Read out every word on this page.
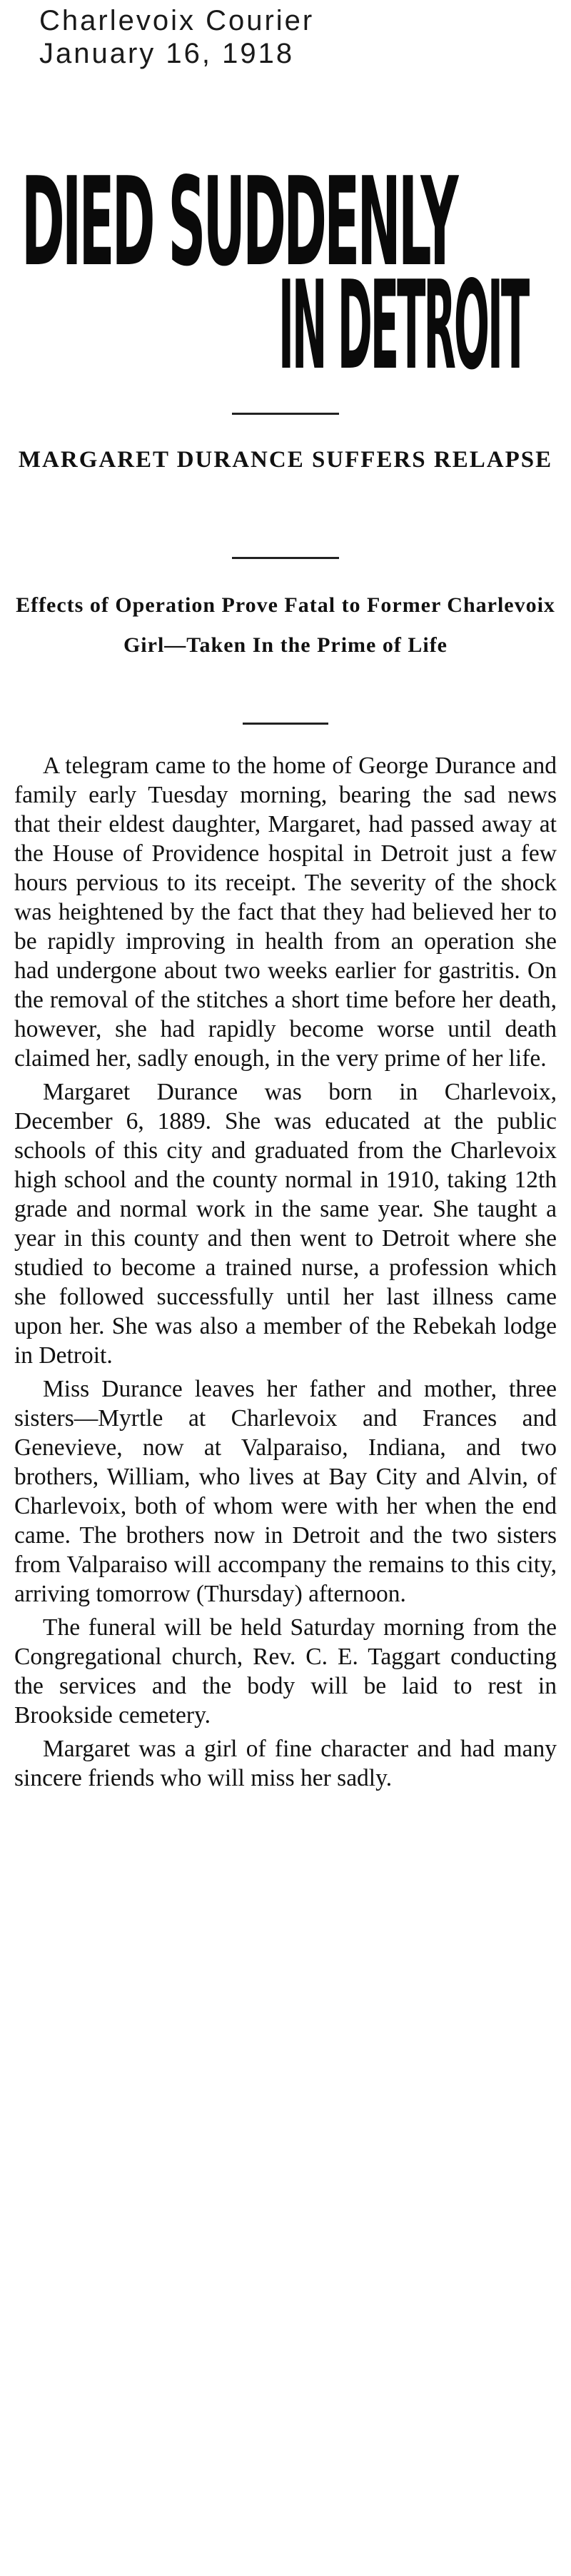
Charlevoix Courier
January 16, 1918
DIED SUDDENLY
IN DETROIT
MARGARET DURANCE SUFFERS RELAPSE
Effects of Operation Prove Fatal to Former Charlevoix Girl—Taken In the Prime of Life

A telegram came to the home of George Durance and family early Tuesday morning, bearing the sad news that their eldest daughter, Margaret, had passed away at the House of Providence hospital in Detroit just a few hours pervious to its receipt. The severity of the shock was heightened by the fact that they had believed her to be rapidly improving in health from an operation she had undergone about two weeks earlier for gastritis. On the removal of the stitches a short time before her death, however, she had rapidly become worse until death claimed her, sadly enough, in the very prime of her life.

Margaret Durance was born in Charlevoix, December 6, 1889. She was educated at the public schools of this city and graduated from the Charlevoix high school and the county normal in 1910, taking 12th grade and normal work in the same year. She taught a year in this county and then went to Detroit where she studied to become a trained nurse, a profession which she followed successfully until her last illness came upon her. She was also a member of the Rebekah lodge in Detroit.

Miss Durance leaves her father and mother, three sisters—Myrtle at Charlevoix and Frances and Genevieve, now at Valparaiso, Indiana, and two brothers, William, who lives at Bay City and Alvin, of Charlevoix, both of whom were with her when the end came. The brothers now in Detroit and the two sisters from Valparaiso will accompany the remains to this city, arriving tomorrow (Thursday) afternoon.

The funeral will be held Saturday morning from the Congregational church, Rev. C. E. Taggart conducting the services and the body will be laid to rest in Brookside cemetery.

Margaret was a girl of fine character and had many sincere friends who will miss her sadly.
